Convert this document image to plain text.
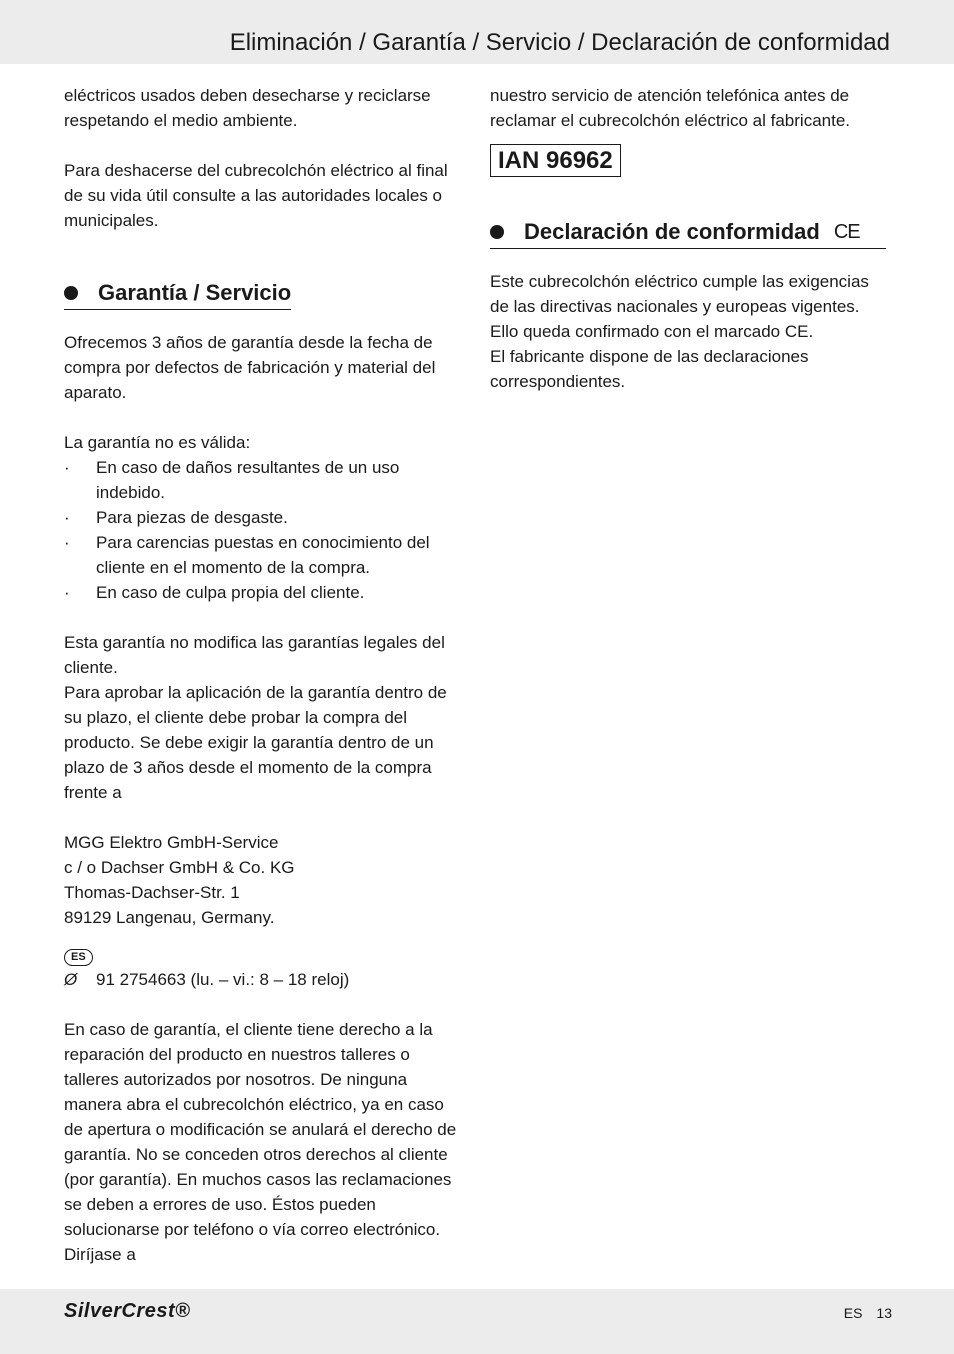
Eliminación / Garantía / Servicio / Declaración de conformidad

eléctricos usados deben desecharse y reciclarse respetando el medio ambiente.

Para deshacerse del cubrecolchón eléctrico al final de su vida útil consulte a las autoridades locales o municipales.

Garantía / Servicio

Ofrecemos 3 años de garantía desde la fecha de compra por defectos de fabricación y material del aparato.

La garantía no es válida:

· En caso de daños resultantes de un uso indebido.
· Para piezas de desgaste.
· Para carencias puestas en conocimiento del cliente en el momento de la compra.
· En caso de culpa propia del cliente.

Esta garantía no modifica las garantías legales del cliente.

Para aprobar la aplicación de la garantía dentro de su plazo, el cliente debe probar la compra del producto. Se debe exigir la garantía dentro de un plazo de 3 años desde el momento de la compra frente a

MGG Elektro GmbH-Service

c / o Dachser GmbH & Co. KG

Thomas-Dachser-Str. 1

89129 Langenau, Germany.

ES
Ø	91 2754663 (lu. – vi.: 8 – 18 reloj)

En caso de garantía, el cliente tiene derecho a la reparación del producto en nuestros talleres o talleres autorizados por nosotros. De ninguna manera abra el cubrecolchón eléctrico, ya en caso de apertura o modificación se anulará el derecho de garantía. No se conceden otros derechos al cliente (por garantía). En muchos casos las reclamaciones se deben a errores de uso. Éstos pueden solucionarse por teléfono o vía correo electrónico. Diríjase a

nuestro servicio de atención telefónica antes de reclamar el cubrecolchón eléctrico al fabricante.

IAN 96962
Declaración de conformidad CE

Este cubrecolchón eléctrico cumple las exigencias de las directivas nacionales y europeas vigentes. Ello queda confirmado con el marcado CE.

El fabricante dispone de las declaraciones correspondientes.

SilverCrest®	ES 13
